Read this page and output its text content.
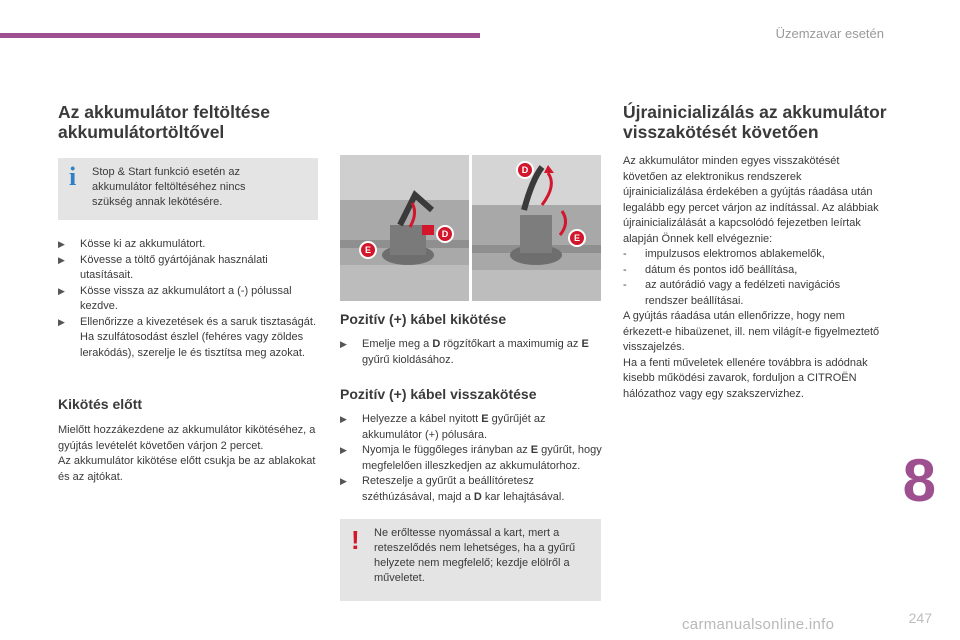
Üzemzavar esetén
Az akkumulátor feltöltése akkumulátortöltővel
i Stop & Start funkció esetén az akkumulátor feltöltéséhez nincs szükség annak lekötésére.

▶ Kösse ki az akkumulátort.
▶ Kövesse a töltő gyártójának használati utasításait.
▶ Kösse vissza az akkumulátort a (-) pólussal kezdve.
▶ Ellenőrizze a kivezetések és a saruk tisztaságát. Ha szulfátosodást észlel (fehéres vagy zöldes lerakódás), szerelje le és tisztítsa meg azokat.
Kikötés előtt

Mielőtt hozzákezdene az akkumulátor kikötéséhez, a gyújtás levételét követően várjon 2 percet.
Az akkumulátor kikötése előtt csukja be az ablakokat és az ajtókat.

E
D
D
E
Pozitív (+) kábel kikötése
▶ Emelje meg a D rögzítőkart a maximumig az E gyűrű kioldásához.
Pozitív (+) kábel visszakötése
▶ Helyezze a kábel nyitott E gyűrűjét az akkumulátor (+) pólusára.
▶ Nyomja le függőleges irányban az E gyűrűt, hogy megfelelően illeszkedjen az akkumulátorhoz.
▶ Reteszelje a gyűrűt a beállítóretesz széthúzásával, majd a D kar lehajtásával.
! Ne erőltesse nyomással a kart, mert a reteszelődés nem lehetséges, ha a gyűrű helyzete nem megfelelő; kezdje elölről a műveletet.

Újrainicializálás az akkumulátor visszakötését követően

Az akkumulátor minden egyes visszakötését követően az elektronikus rendszerek újrainicializálása érdekében a gyújtás ráadása után legalább egy percet várjon az indítással. Az alábbiak újrainicializálását a kapcsolódó fejezetben leírtak alapján Önnek kell elvégeznie:

- impulzusos elektromos ablakemelők,
- dátum és pontos idő beállítása,
- az autórádió vagy a fedélzeti navigációs rendszer beállításai.

A gyújtás ráadása után ellenőrizze, hogy nem érkezett-e hibaüzenet, ill. nem világít-e figyelmeztető visszajelzés.
Ha a fenti műveletek ellenére továbbra is adódnak kisebb működési zavarok, forduljon a CITROËN hálózathoz vagy egy szakszervizhez.

8
247
carmanualsonline.info
